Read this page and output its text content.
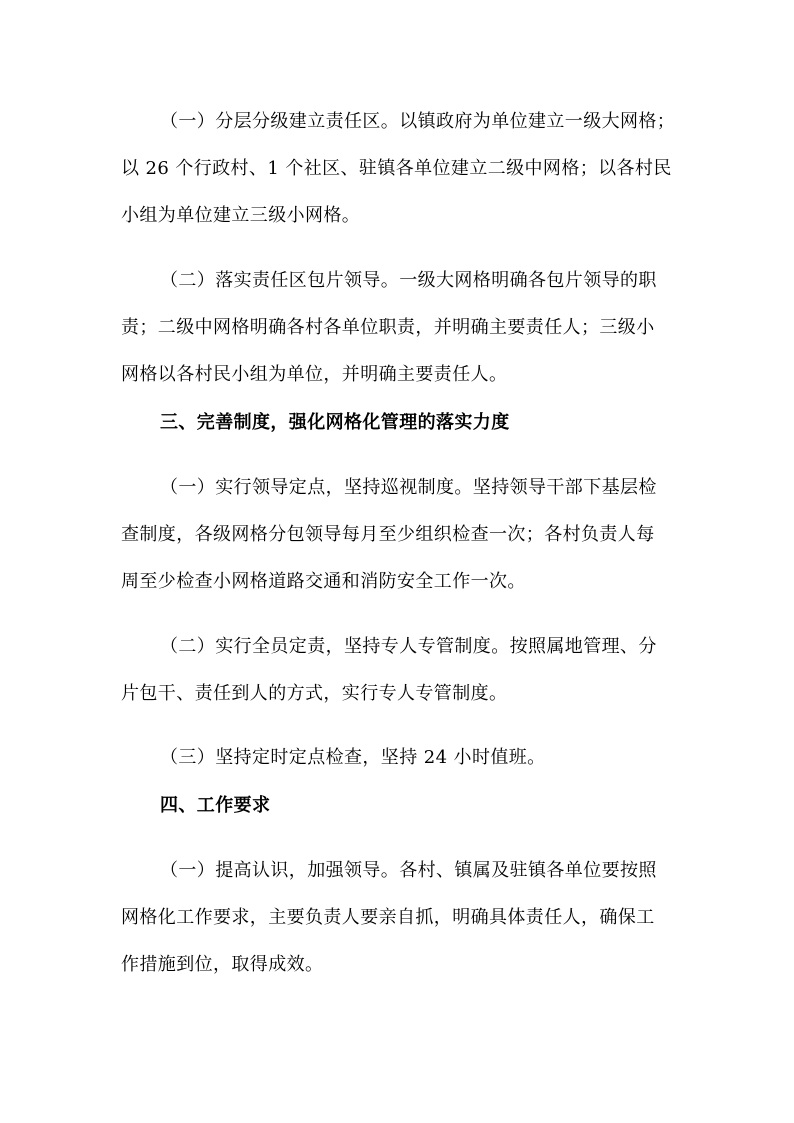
（一）分层分级建立责任区。以镇政府为单位建立一级大网格；
以 26 个行政村、1 个社区、驻镇各单位建立二级中网格；以各村民
小组为单位建立三级小网格。
（二）落实责任区包片领导。一级大网格明确各包片领导的职
责；二级中网格明确各村各单位职责，并明确主要责任人；三级小
网格以各村民小组为单位，并明确主要责任人。
三、完善制度，强化网格化管理的落实力度
（一）实行领导定点，坚持巡视制度。坚持领导干部下基层检
查制度，各级网格分包领导每月至少组织检查一次；各村负责人每
周至少检查小网格道路交通和消防安全工作一次。
（二）实行全员定责，坚持专人专管制度。按照属地管理、分
片包干、责任到人的方式，实行专人专管制度。
（三）坚持定时定点检查，坚持 24 小时值班。
四、工作要求
（一）提高认识，加强领导。各村、镇属及驻镇各单位要按照
网格化工作要求，主要负责人要亲自抓，明确具体责任人，确保工
作措施到位，取得成效。
